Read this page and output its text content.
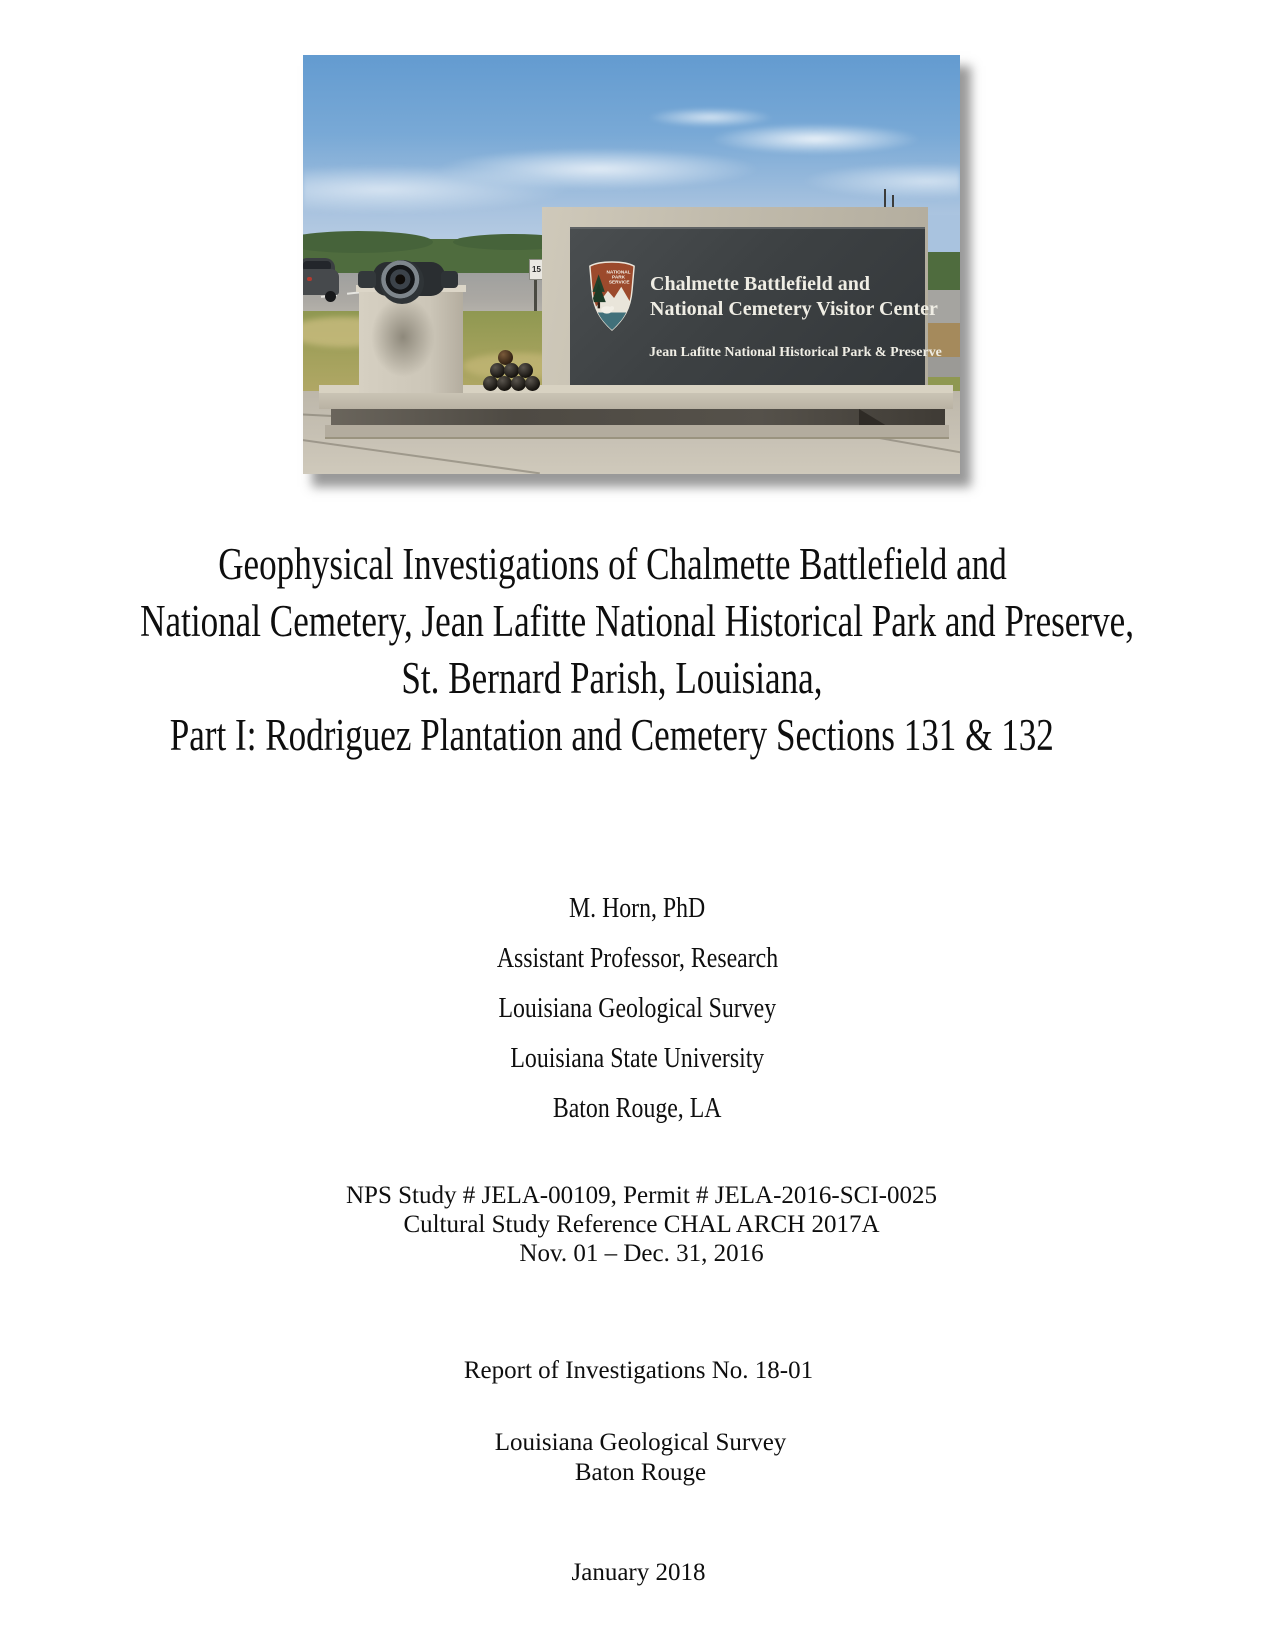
15
Chalmette Battlefield and
National Cemetery Visitor Center
Jean Lafitte National Historical Park & Preserve
NATIONAL PARK SERVICE
Geophysical Investigations of Chalmette Battlefield and
National Cemetery, Jean Lafitte National Historical Park and Preserve,
St. Bernard Parish, Louisiana,
Part I: Rodriguez Plantation and Cemetery Sections 131 & 132
M. Horn, PhD
Assistant Professor, Research
Louisiana Geological Survey
Louisiana State University
Baton Rouge, LA
NPS Study # JELA-00109, Permit # JELA-2016-SCI-0025
Cultural Study Reference CHAL ARCH 2017A
Nov. 01 – Dec. 31, 2016
Report of Investigations No. 18-01
Louisiana Geological Survey
Baton Rouge
January 2018
